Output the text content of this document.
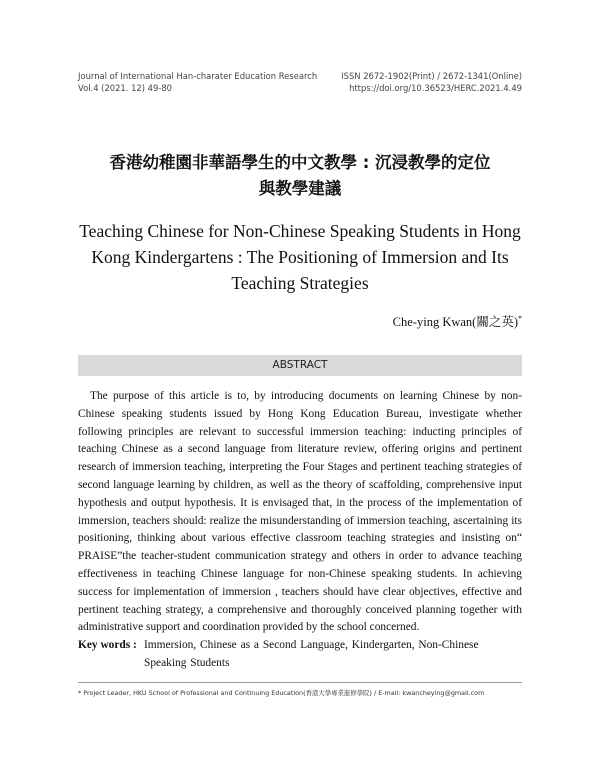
Journal of International Han-charater Education Research
Vol.4 (2021. 12) 49-80
ISSN 2672-1902(Print) / 2672-1341(Online)
https://doi.org/10.36523/HERC.2021.4.49
香港幼稚園非華語學生的中文教學 : 沉浸教學的定位
與教學建議
Teaching Chinese for Non-Chinese Speaking Students in Hong
Kong Kindergartens : The Positioning of Immersion and Its
Teaching Strategies
Che-ying Kwan(關之英)*
ABSTRACT

The purpose of this article is to, by introducing documents on learning Chinese by non-Chinese speaking students issued by Hong Kong Education Bureau, investigate whether following principles are relevant to successful immersion teaching: inducting principles of teaching Chinese as a second language from literature review, offering origins and pertinent research of immersion teaching, interpreting the Four Stages and pertinent teaching strategies of second language learning by children, as well as the theory of scaffolding, comprehensive input hypothesis and output hypothesis. It is envisaged that, in the process of the implementation of immersion, teachers should: realize the misunderstanding of immersion teaching, ascertaining its positioning, thinking about various effective classroom teaching strategies and insisting on“ PRAISE”the teacher-student communication strategy and others in order to advance teaching effectiveness in teaching Chinese language for non-Chinese speaking students. In achieving success for implementation of immersion , teachers should have clear objectives, effective and pertinent teaching strategy, a comprehensive and thoroughly conceived planning together with administrative support and coordination provided by the school concerned.

Key words : Immersion, Chinese as a Second Language, Kindergarten, Non-Chinese Speaking Students
* Project Leader, HKU School of Professional and Continuing Education(香港大學專業進修學院) / E-mail: kwancheying@gmail.com
